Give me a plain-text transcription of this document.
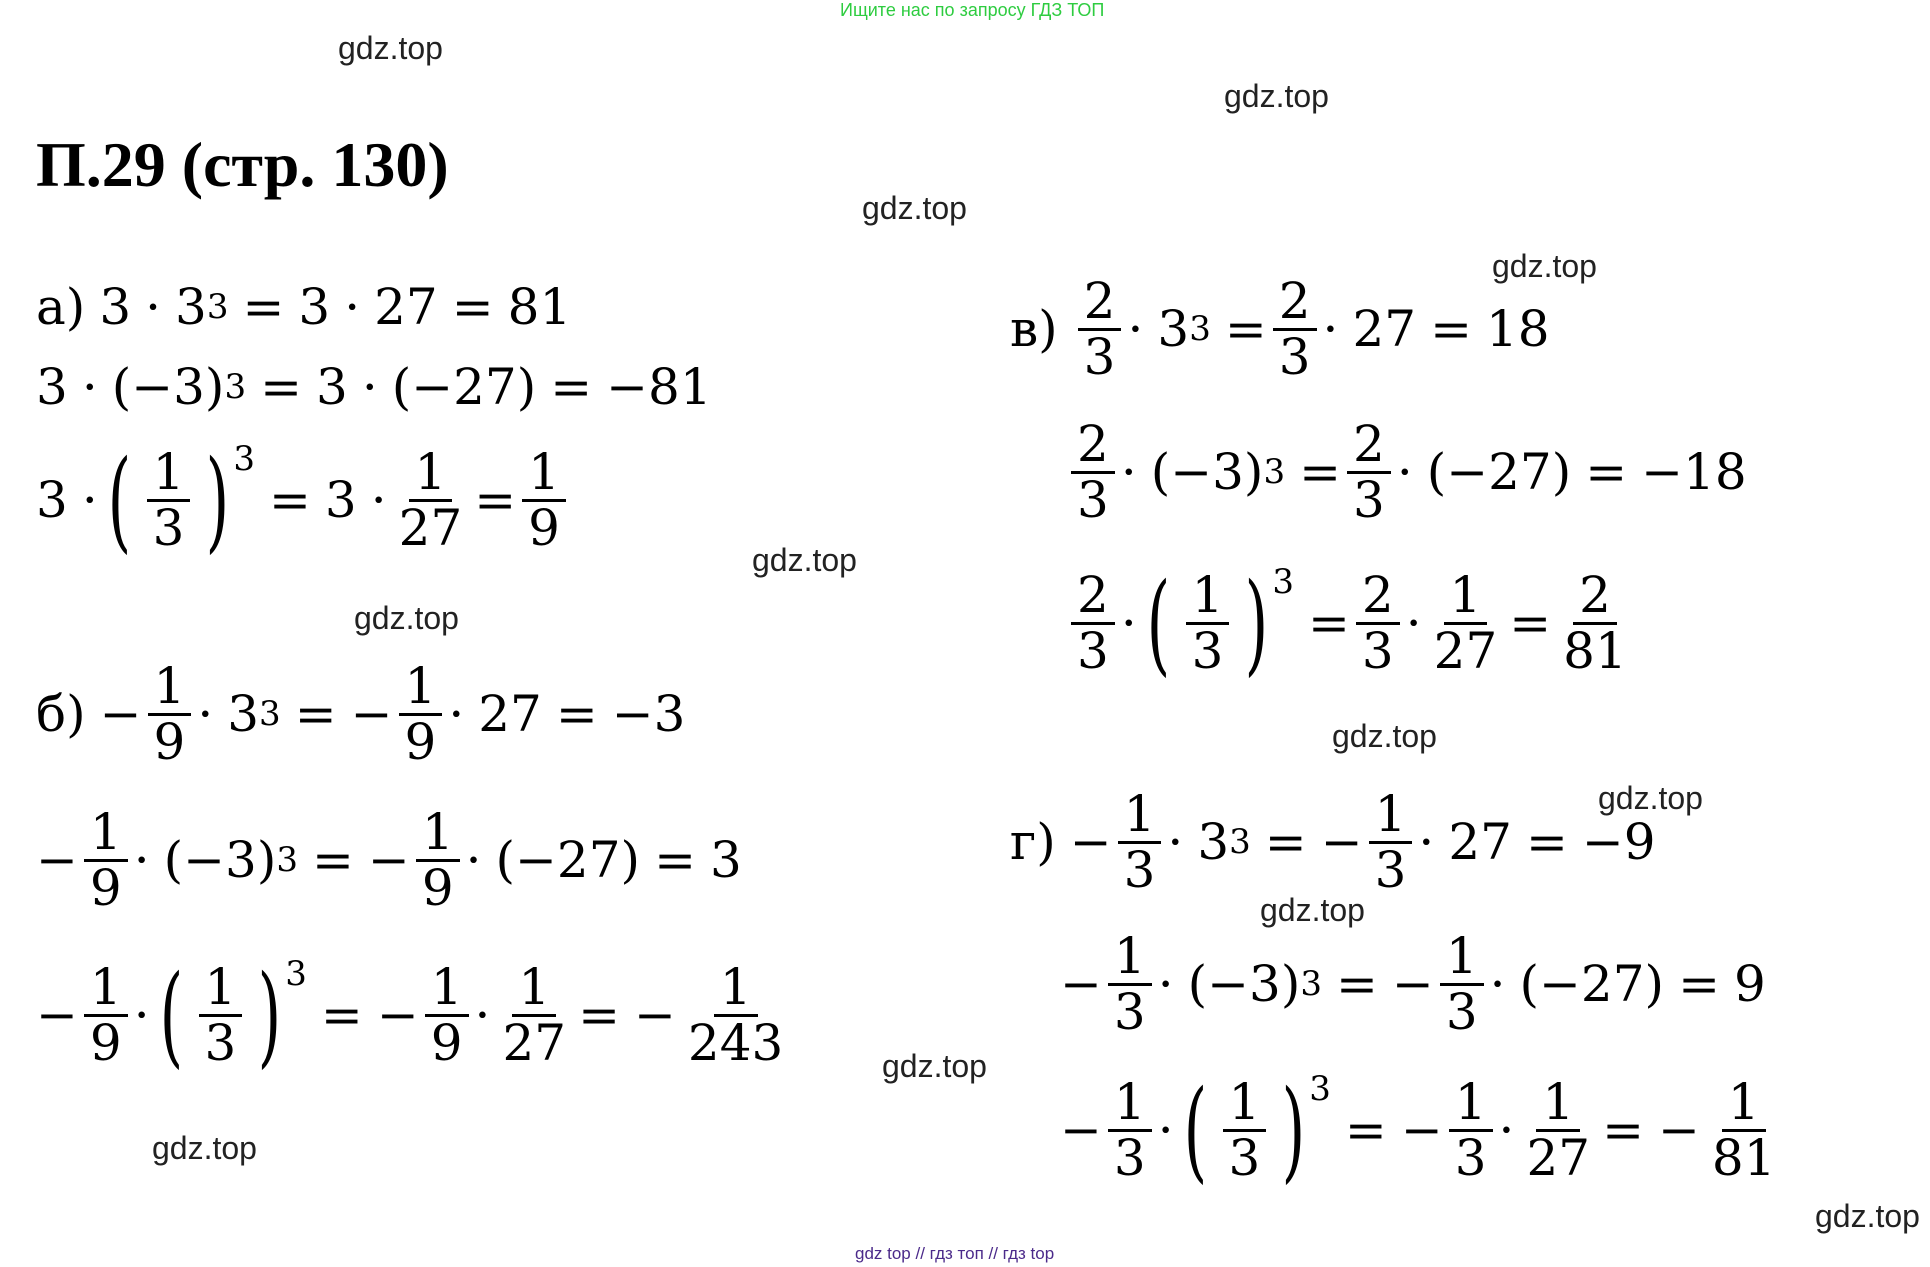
Ищите нас по запросу ГДЗ ТОП
П.29 (стр. 130)
gdz.top
gdz.top
gdz.top
gdz.top
gdz.top
gdz.top
gdz.top
gdz.top
gdz.top
gdz.top
gdz.top
gdz.top
а) 3 · 3 3 = 3 · 27 = 81
3 · (−3) 3 = 3 · (−27) = −81
3 · ( $\frac{1}{3}$ ) 3
= $3 \cdot \frac{1}{27} = \frac{1}{9}$
$б) - \frac{1}{9} \cdot 3$ 3 = − $\frac{1}{9} \cdot 27 = -3$
− $\frac{1}{9} \cdot (-3) 3$ = − $\frac{1}{9} \cdot (-27) = 3$
− $\frac{1}{9}$ · ( $\frac{1}{3}$ ) 3
= − $\frac{1}{9} \cdot \frac{1}{27}$ = − $\frac{1}{243}$
$в) \frac{2}{3} \cdot 3$ $3 = \frac{2}{3} \cdot 27 = 18$
$\frac{2}{3} \cdot (-3) 3 = \frac{2}{3} \cdot (-27) = -18$
$\frac{2}{3}$ · ( $\frac{1}{3}$ ) 3
= $\frac{2}{3} \cdot \frac{1}{27} = \frac{2}{81}$
$г) - \frac{1}{3} \cdot 3$ 3 = − $\frac{1}{3} \cdot 27 = -9$
− $\frac{1}{3} \cdot (-3) 3$ = − $\frac{1}{3} \cdot (-27) = 9$
− $\frac{1}{3}$ · ( $\frac{1}{3}$ ) 3
= − $\frac{1}{3} \cdot \frac{1}{27}$ = − $\frac{1}{81}$
gdz top // гдз топ // гдз top
